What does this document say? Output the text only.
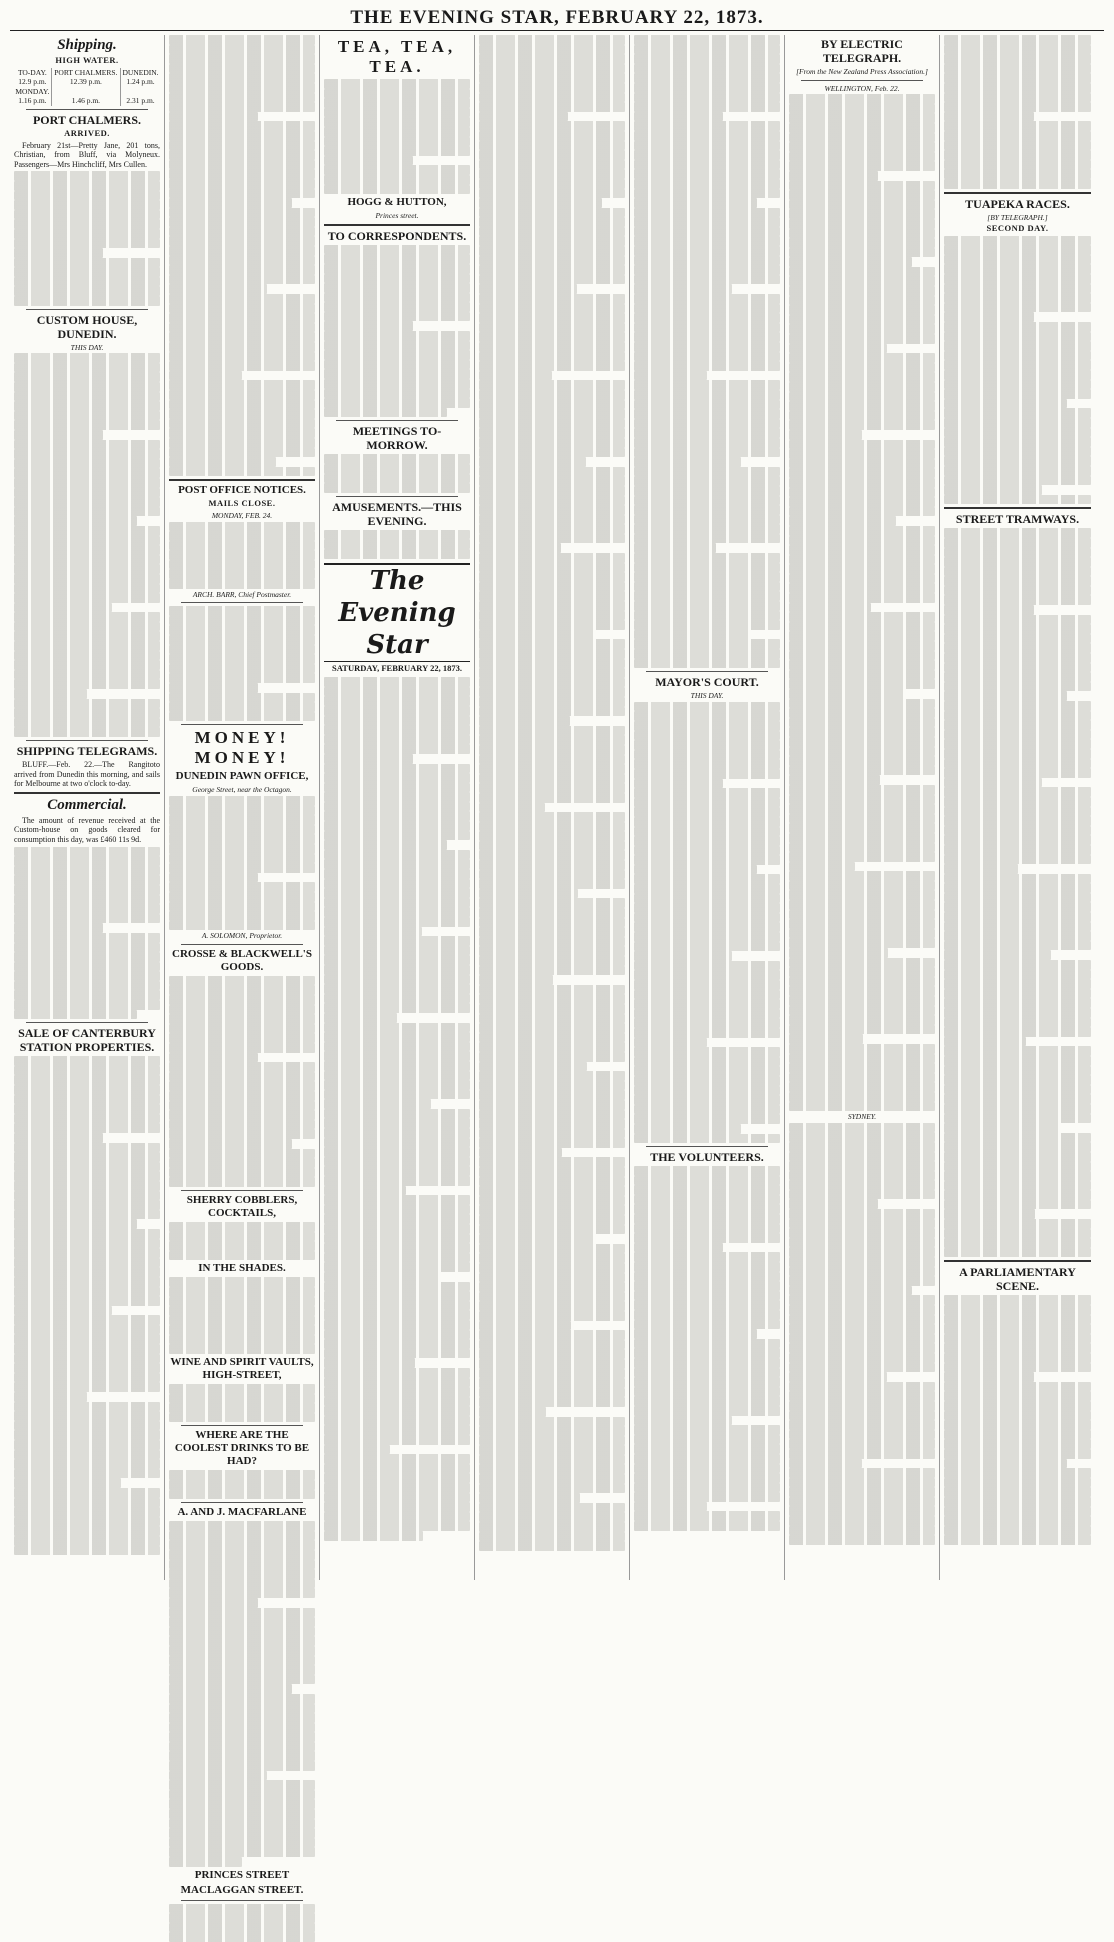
THE EVENING STAR, FEBRUARY 22, 1873.
Shipping.
HIGH WATER.
TO-DAY.	PORT CHALMERS.	DUNEDIN.
12.9 p.m.	12.39 p.m.	1.24 p.m.
MONDAY.		
1.16 p.m.	1.46 p.m.	2.31 p.m.
PORT CHALMERS.
ARRIVED.

February 21st—Pretty Jane, 201 tons, Christian, from Bluff, via Molyneux. Passengers—Mrs Hinchcliff, Mrs Cullen.

CUSTOM HOUSE, DUNEDIN.
THIS DAY.
SHIPPING TELEGRAMS.

BLUFF.—Feb. 22.—The Rangitoto arrived from Dunedin this morning, and sails for Melbourne at two o'clock to-day.

Commercial.

The amount of revenue received at the Custom-house on goods cleared for consumption this day, was £460 11s 9d.

SALE OF CANTERBURY STATION PROPERTIES.
POST OFFICE NOTICES.
MAILS CLOSE.
MONDAY, FEB. 24.
ARCH. BARR, Chief Postmaster.
MONEY! MONEY!
DUNEDIN PAWN OFFICE,
George Street, near the Octagon.
A. SOLOMON, Proprietor.
CROSSE & BLACKWELL'S GOODS.
SHERRY COBBLERS, COCKTAILS,
IN THE SHADES.
WINE AND SPIRIT VAULTS, HIGH-STREET,
WHERE ARE THE COOLEST DRINKS TO BE HAD?
A. AND J. MACFARLANE
PRINCES STREET
MACLAGGAN STREET.
TEA, TEA, TEA.
HOGG & HUTTON,
Princes street.
TO CORRESPONDENTS.
MEETINGS TO-MORROW.
AMUSEMENTS.—THIS EVENING.
The Evening Star
SATURDAY, FEBRUARY 22, 1873.
MAYOR'S COURT.
THIS DAY.
THE VOLUNTEERS.
BY ELECTRIC TELEGRAPH.
[From the New Zealand Press Association.]
WELLINGTON, Feb. 22.
SYDNEY.
TUAPEKA RACES.
[BY TELEGRAPH.]
SECOND DAY.
STREET TRAMWAYS.
A PARLIAMENTARY SCENE.
